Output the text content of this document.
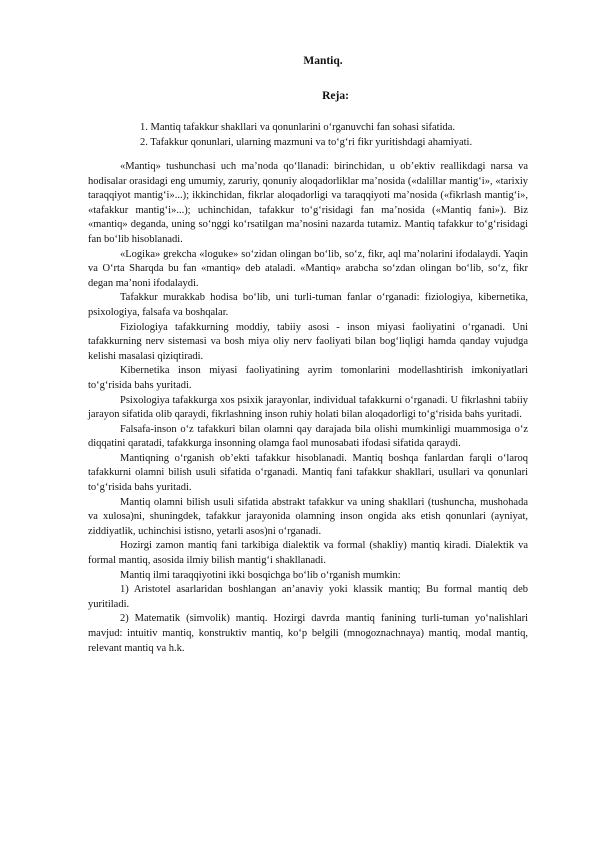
Mantiq.
Reja:
1. Mantiq tafakkur shakllari va qonunlarini o‘rganuvchi fan sohasi sifatida.
2. Tafakkur qonunlari, ularning mazmuni va to‘g‘ri fikr yuritishdagi ahamiyati.

«Mantiq» tushunchasi uch ma’noda qo‘llanadi: birinchidan, u ob’ektiv reallikdagi narsa va hodisalar orasidagi eng umumiy, zaruriy, qonuniy aloqadorliklar ma’nosida («dalillar mantig‘i», «tarixiy taraqqiyot mantig‘i»...); ikkinchidan, fikrlar aloqadorligi va taraqqiyoti ma’nosida («fikrlash mantig‘i», «tafakkur mantig‘i»...); uchinchidan, tafakkur to‘g‘risidagi fan ma’nosida («Mantiq fani»). Biz «mantiq» deganda, uning so‘nggi ko‘rsatilgan ma’nosini nazarda tutamiz. Mantiq tafakkur to‘g‘risidagi fan bo‘lib hisoblanadi.

«Logika» grekcha «loguke» so‘zidan olingan bo‘lib, so‘z, fikr, aql ma’nolarini ifodalaydi. Yaqin va O‘rta Sharqda bu fan «mantiq» deb ataladi. «Mantiq» arabcha so‘zdan olingan bo‘lib, so‘z, fikr degan ma’noni ifodalaydi.

Tafakkur murakkab hodisa bo‘lib, uni turli-tuman fanlar o‘rganadi: fiziologiya, kibernetika, psixologiya, falsafa va boshqalar.

Fiziologiya tafakkurning moddiy, tabiiy asosi - inson miyasi faoliyatini o‘rganadi. Uni tafakkurning nerv sistemasi va bosh miya oliy nerv faoliyati bilan bog‘liqligi hamda qanday vujudga kelishi masalasi qiziqtiradi.

Kibernetika inson miyasi faoliyatining ayrim tomonlarini modellashtirish imkoniyatlari to‘g‘risida bahs yuritadi.

Psixologiya tafakkurga xos psixik jarayonlar, individual tafakkurni o‘rganadi. U fikrlashni tabiiy jarayon sifatida olib qaraydi, fikrlashning inson ruhiy holati bilan aloqadorligi to‘g‘risida bahs yuritadi.

Falsafa-inson o‘z tafakkuri bilan olamni qay darajada bila olishi mumkinligi muammosiga o‘z diqqatini qaratadi, tafakkurga insonning olamga faol munosabati ifodasi sifatida qaraydi.

Mantiqning o‘rganish ob’ekti tafakkur hisoblanadi. Mantiq boshqa fanlardan farqli o‘laroq tafakkurni olamni bilish usuli sifatida o‘rganadi. Mantiq fani tafakkur shakllari, usullari va qonunlari to‘g‘risida bahs yuritadi.

Mantiq olamni bilish usuli sifatida abstrakt tafakkur va uning shakllari (tushuncha, mushohada va xulosa)ni, shuningdek, tafakkur jarayonida olamning inson ongida aks etish qonunlari (ayniyat, ziddiyatlik, uchinchisi istisno, yetarli asos)ni o‘rganadi.

Hozirgi zamon mantiq fani tarkibiga dialektik va formal (shakliy) mantiq kiradi. Dialektik va formal mantiq, asosida ilmiy bilish mantig‘i shakllanadi.

Mantiq ilmi taraqqiyotini ikki bosqichga bo‘lib o‘rganish mumkin:

1) Aristotel asarlaridan boshlangan an’anaviy yoki klassik mantiq; Bu formal mantiq deb yuritiladi.

2) Matematik (simvolik) mantiq. Hozirgi davrda mantiq fanining turli-tuman yo‘nalishlari mavjud: intuitiv mantiq, konstruktiv mantiq, ko‘p belgili (mnogoznachnaya) mantiq, modal mantiq, relevant mantiq va h.k.
